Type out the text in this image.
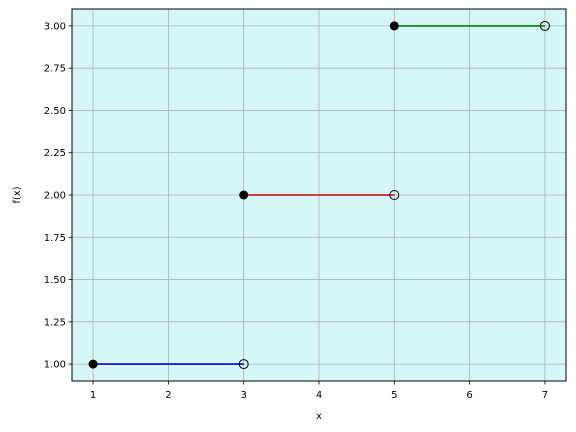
1	2	3	4	5	6	7
1.00
1.25
1.50
1.75
2.00
2.25
2.50
2.75
3.00
x
f(x)
